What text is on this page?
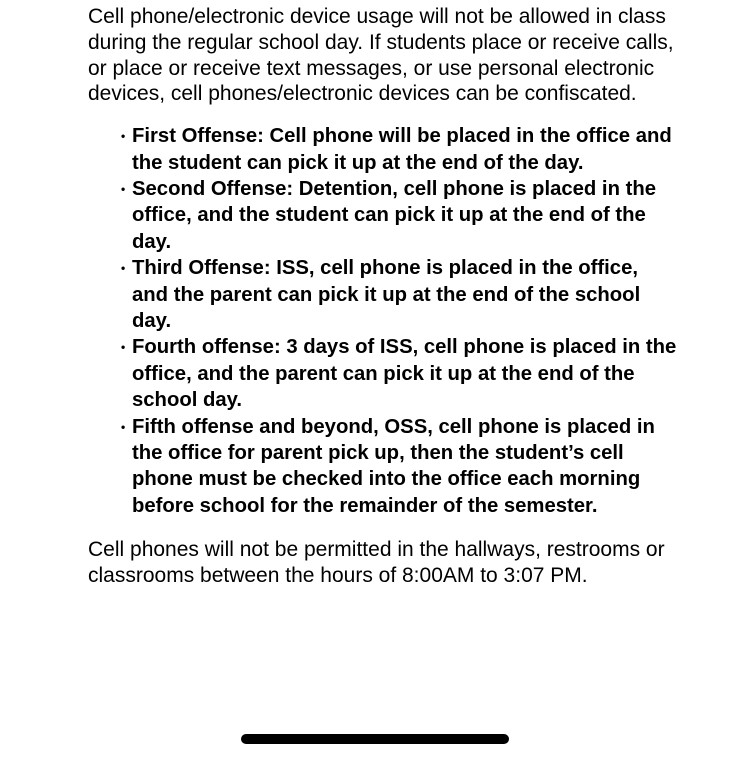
Cell phone/electronic device usage will not be allowed in class during the regular school day. If students place or receive calls, or place or receive text messages, or use personal electronic devices, cell phones/electronic devices can be confiscated.

• First Offense: Cell phone will be placed in the office and the student can pick it up at the end of the day.
• Second Offense: Detention, cell phone is placed in the office, and the student can pick it up at the end of the day.
• Third Offense: ISS, cell phone is placed in the office, and the parent can pick it up at the end of the school day.
• Fourth offense: 3 days of ISS, cell phone is placed in the office, and the parent can pick it up at the end of the school day.
• Fifth offense and beyond, OSS, cell phone is placed in the office for parent pick up, then the student’s cell phone must be checked into the office each morning before school for the remainder of the semester.

Cell phones will not be permitted in the hallways, restrooms or classrooms between the hours of 8:00AM to 3:07 PM.
